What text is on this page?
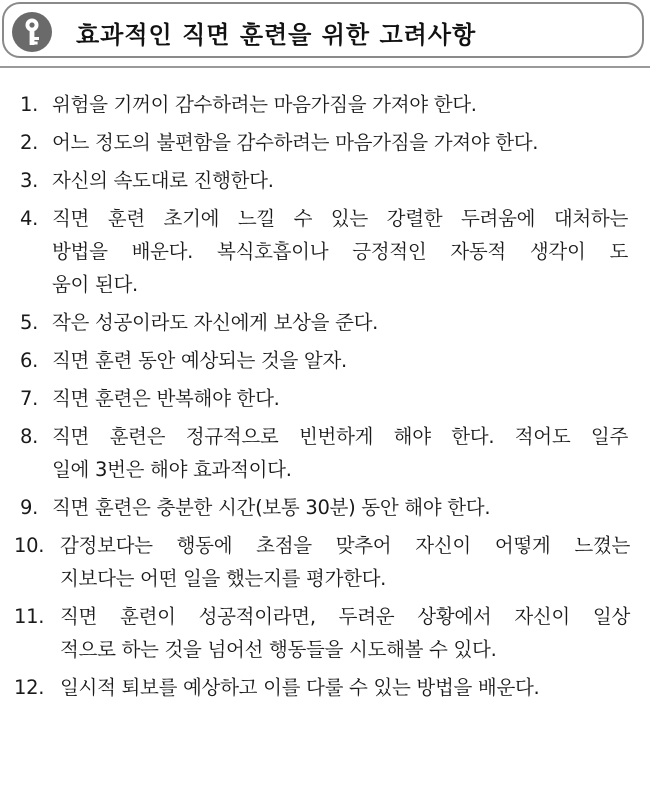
효과적인 직면 훈련을 위한 고려사항
1. 위험을 기꺼이 감수하려는 마음가짐을 가져야 한다.
2. 어느 정도의 불편함을 감수하려는 마음가짐을 가져야 한다.
3. 자신의 속도대로 진행한다.
4. 직면 훈련 초기에 느낄 수 있는 강렬한 두려움에 대처하는
방법을 배운다. 복식호흡이나 긍정적인 자동적 생각이 도
움이 된다.
5. 작은 성공이라도 자신에게 보상을 준다.
6. 직면 훈련 동안 예상되는 것을 알자.
7. 직면 훈련은 반복해야 한다.
8. 직면 훈련은 정규적으로 빈번하게 해야 한다. 적어도 일주
일에 3번은 해야 효과적이다.
9. 직면 훈련은 충분한 시간(보통 30분) 동안 해야 한다.
10. 감정보다는 행동에 초점을 맞추어 자신이 어떻게 느꼈는
지보다는 어떤 일을 했는지를 평가한다.
11. 직면 훈련이 성공적이라면, 두려운 상황에서 자신이 일상
적으로 하는 것을 넘어선 행동들을 시도해볼 수 있다.
12. 일시적 퇴보를 예상하고 이를 다룰 수 있는 방법을 배운다.
